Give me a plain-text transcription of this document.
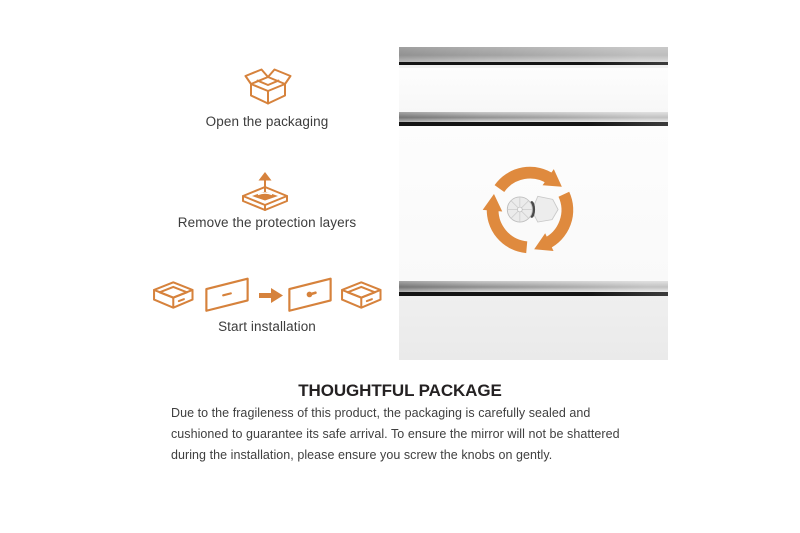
Open the packaging
Remove the protection layers
Start installation
THOUGHTFUL PACKAGE
Due to the fragileness of this product, the packaging is carefully sealed and
cushioned to guarantee its safe arrival. To ensure the mirror will not be shattered
during the installation, please ensure you screw the knobs on gently.
